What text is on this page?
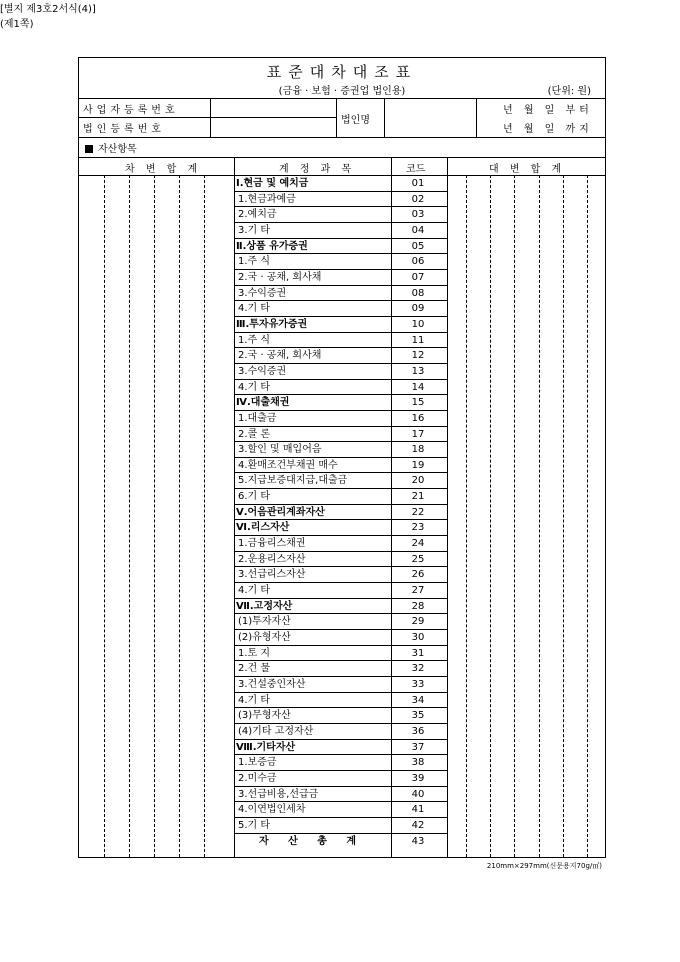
[별지 제3호2서식(4)]
(제1쪽)
표준대차대조표
(금융 · 보험 · 증권업 법인용)	(단위: 원)
사업자등록번호
법인등록번호
법인명
년 월 일 부터
년 월 일 까지
자산항목
차 변 합 계	계 정 과 목	코드	대 변 합 계
Ⅰ.현금 및 예치금	01
1.현금과예금	02
2.예치금	03
3.기 타	04
Ⅱ.상품 유가증권	05
1.주 식	06
2.국 · 공채, 회사채	07
3.수익증권	08
4.기 타	09
Ⅲ.투자유가증권	10
1.주 식	11
2.국 · 공채, 회사채	12
3.수익증권	13
4.기 타	14
Ⅳ.대출채권	15
1.대출금	16
2.콜 론	17
3.할인 및 매입어음	18
4.환매조건부채권 매수	19
5.지급보증대지급,대출금	20
6.기 타	21
Ⅴ.어음관리계좌자산	22
Ⅵ.리스자산	23
1.금융리스채권	24
2.운용리스자산	25
3.선급리스자산	26
4.기 타	27
Ⅶ.고정자산	28
(1)투자자산	29
(2)유형자산	30
1.토 지	31
2.건 물	32
3.건설중인자산	33
4.기 타	34
(3)무형자산	35
(4)기타 고정자산	36
Ⅷ.기타자산	37
1.보증금	38
2.미수금	39
3.선급비용,선급금	40
4.이연법인세차	41
5.기 타	42
자 산 총 계	43
210mm×297mm(신문용지70g/㎡)
